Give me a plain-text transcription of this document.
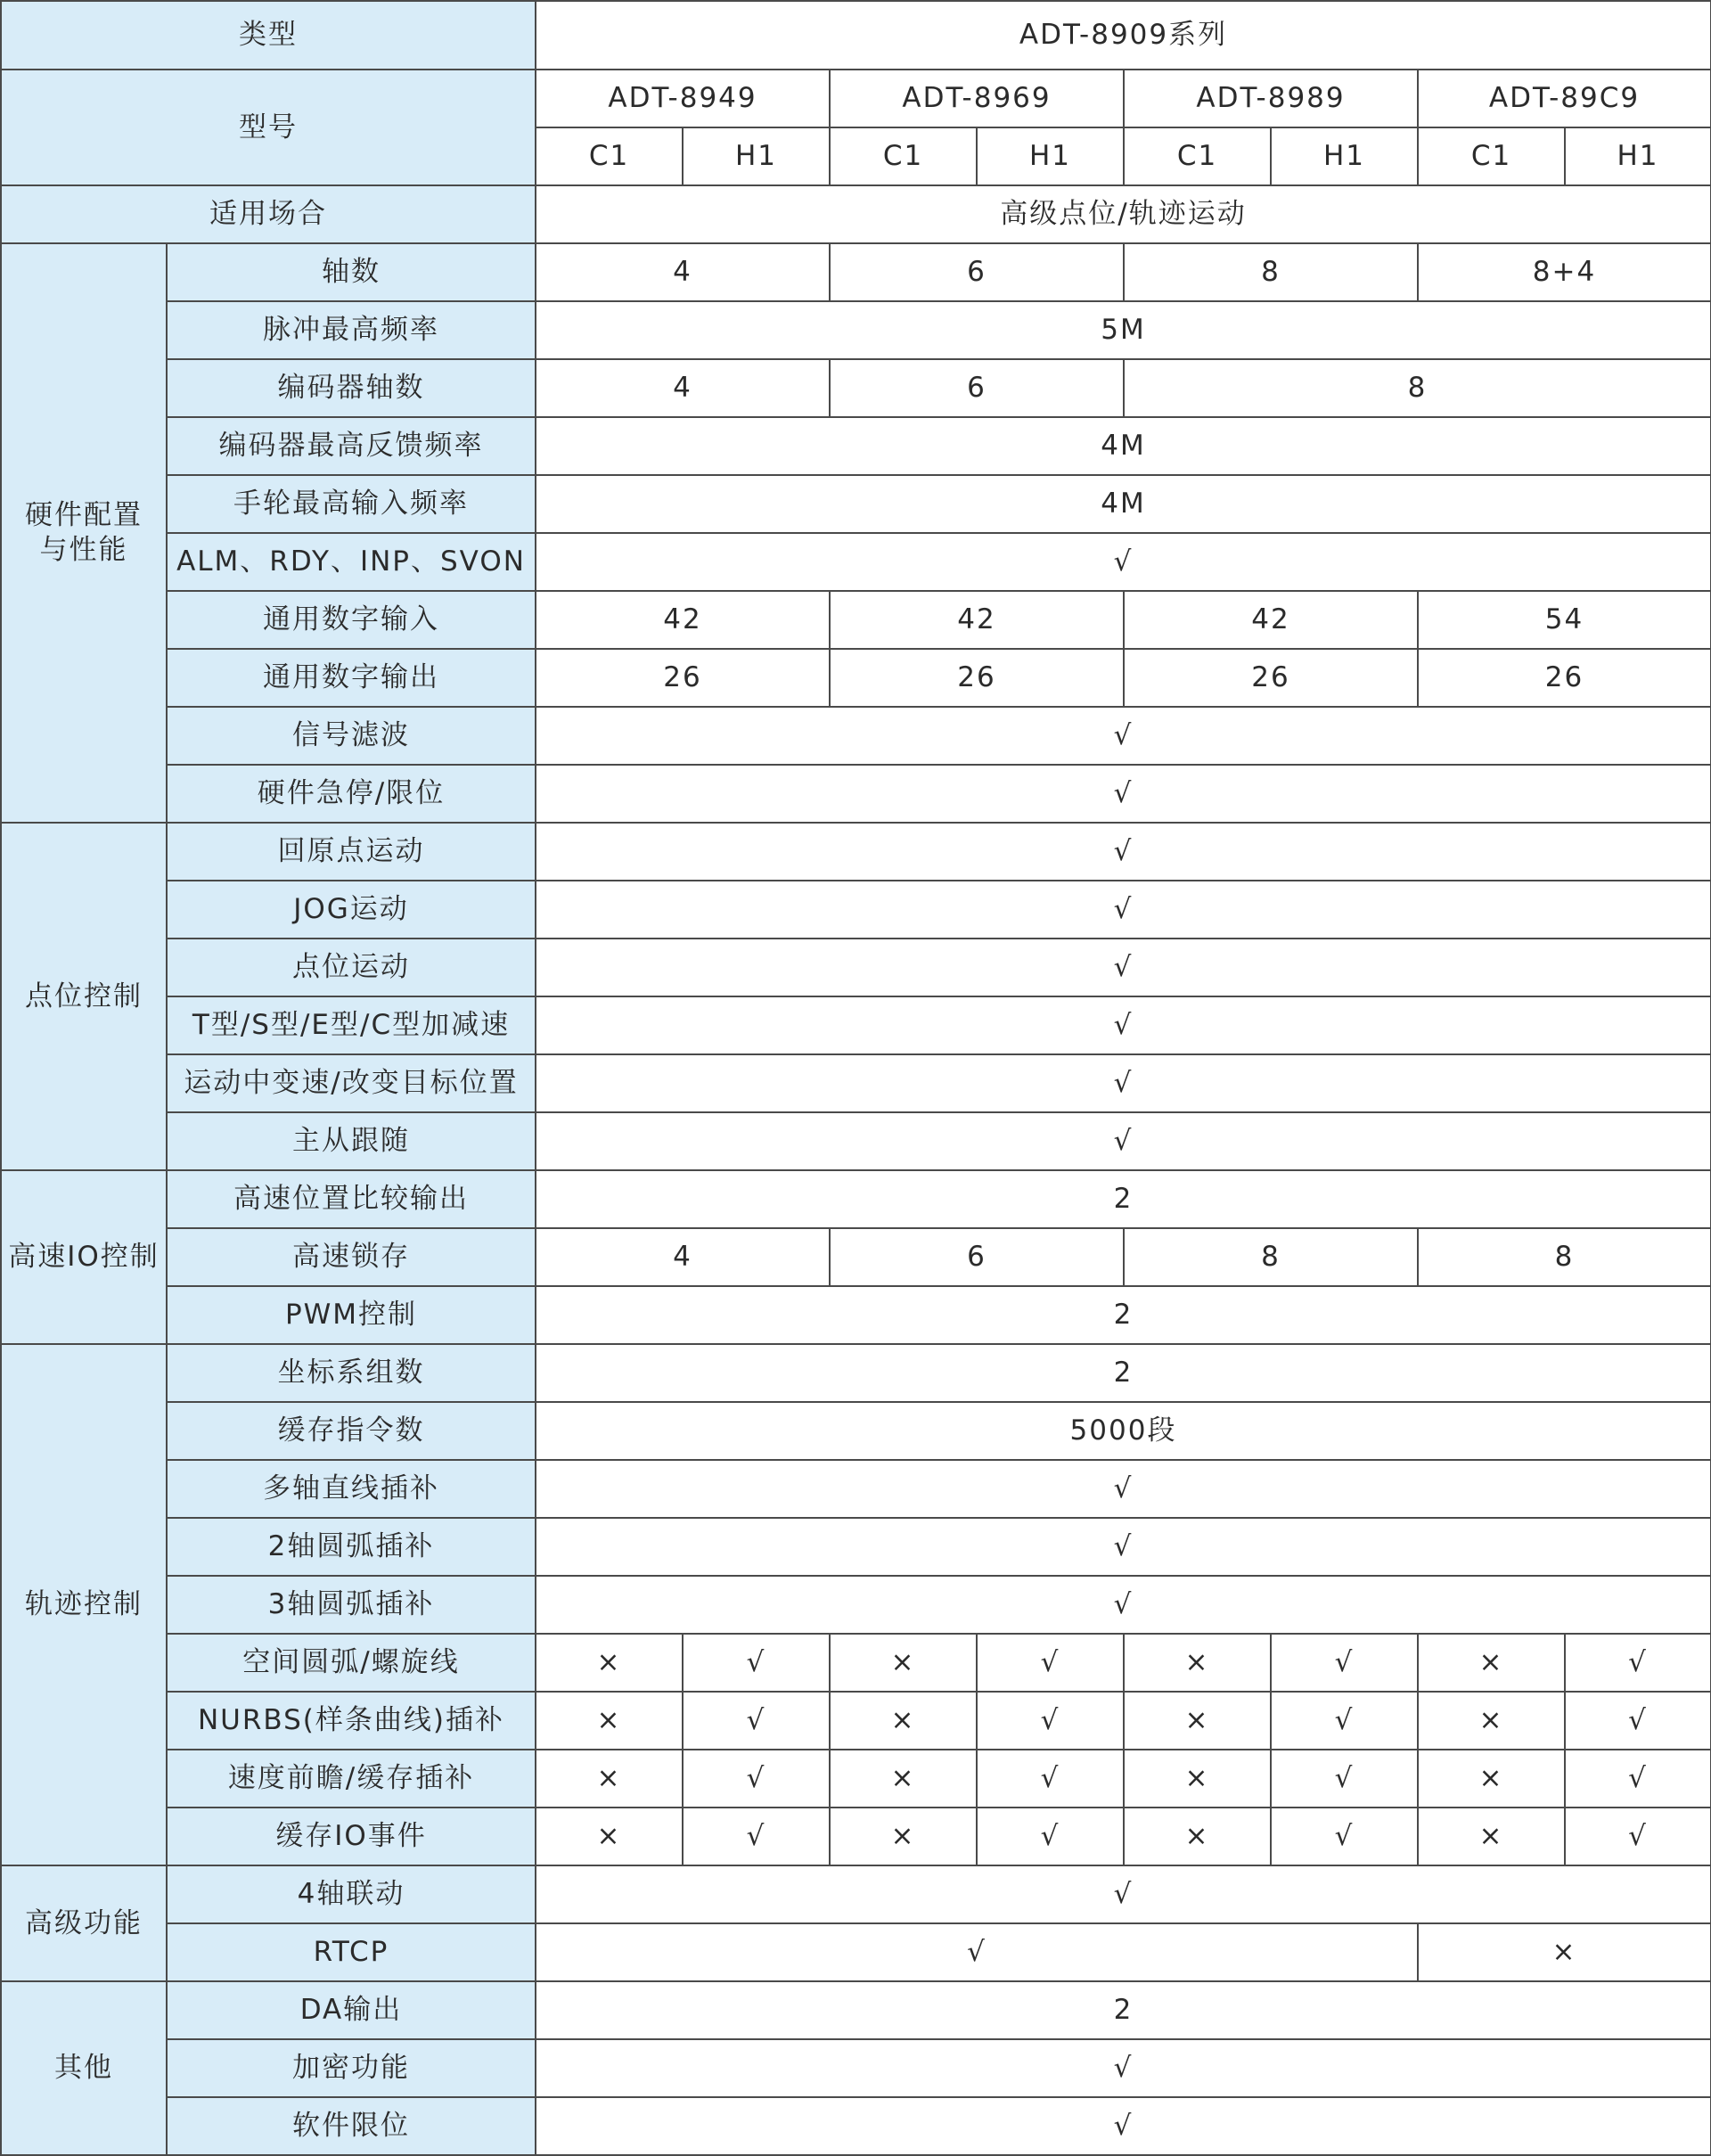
类型		ADT-8909系列							
型号		ADT-8949		ADT-8969		ADT-8989		ADT-89C9	
		C1	H1	C1	H1	C1	H1	C1	H1
适用场合		高级点位/轨迹运动							
硬件配置
与性能	轴数	4		6		8		8+4	
	脉冲最高频率	5M							
	编码器轴数	4		6		8			
	编码器最高反馈频率	4M							
	手轮最高输入频率	4M							
	ALM、RDY、INP、SVON	√							
	通用数字输入	42		42		42		54	
	通用数字输出	26		26		26		26	
	信号滤波	√							
	硬件急停/限位	√							
点位控制	回原点运动	√							
	JOG运动	√							
	点位运动	√							
	T型/S型/E型/C型加减速	√							
	运动中变速/改变目标位置	√							
	主从跟随	√							
高速IO控制	高速位置比较输出	2							
	高速锁存	4		6		8		8	
	PWM控制	2							
轨迹控制	坐标系组数	2							
	缓存指令数	5000段							
	多轴直线插补	√							
	2轴圆弧插补	√							
	3轴圆弧插补	√							
	空间圆弧/螺旋线	×	√	×	√	×	√	×	√
	NURBS(样条曲线)插补	×	√	×	√	×	√	×	√
	速度前瞻/缓存插补	×	√	×	√	×	√	×	√
	缓存IO事件	×	√	×	√	×	√	×	√
高级功能	4轴联动	√							
	RTCP	√						×	
其他	DA输出	2							
	加密功能	√							
	软件限位	√							
